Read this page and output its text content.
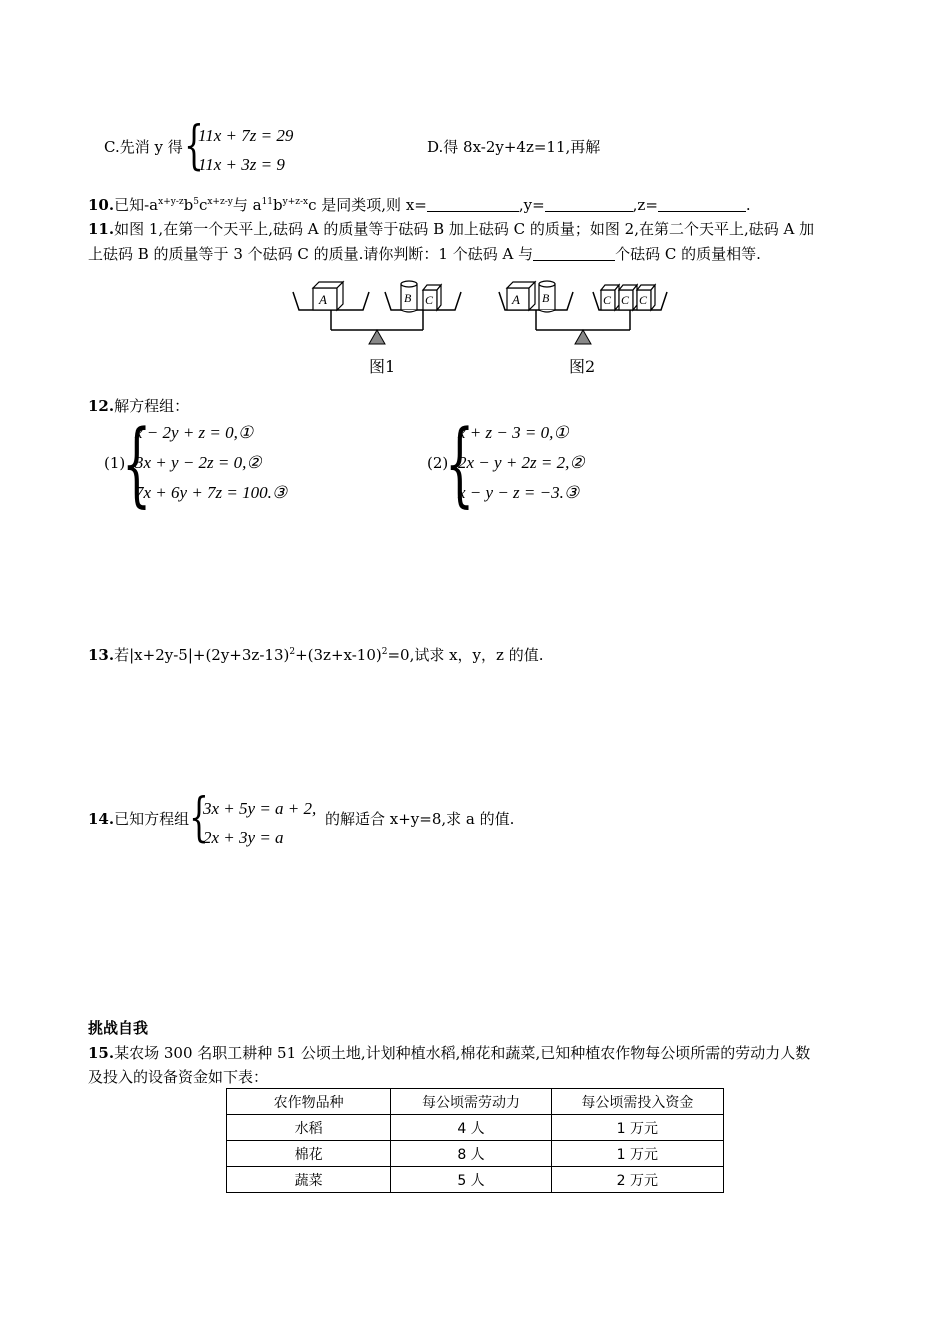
C.先消 y 得 {
11x + 7z = 29
11x + 3z = 9
D.得 8x-2y+4z=11,再解
10.已知$-a^{x+y-z}b^5c^{x+z-y}$与 $a^{11}b^{y+z-x}c$ 是同类项,则 x=	,y=	,z=	.
11.如图 1,在第一个天平上,砝码 A 的质量等于砝码 B 加上砝码 C 的质量；如图 2,在第二个天平上,砝码 A 加
上砝码 B 的质量等于 3 个砝码 C 的质量.请你判断：1 个砝码 A 与	个砝码 C 的质量相等.
A	B C
图1
A B	C C C
图2
12.解方程组：
(1)
{
x − 2y + z = 0,①
3x + y − 2z = 0,②
7x + 6y + 7z = 100.③
(2)
{
x + z − 3 = 0,①
2x − y + 2z = 2,②
x − y − z = −3.③
13.若$|x+2y-5|+(2y+3z-13)^2+(3z+x-10)^2=0$,试求 x，y，z 的值.
14.已知方程组 {
3x + 5y = a + 2,
2x + 3y = a
的解适合 x+y=8,求 a 的值.
挑战自我
15.某农场 300 名职工耕种 51 公顷土地,计划种植水稻,棉花和蔬菜,已知种植农作物每公顷所需的劳动力人数
及投入的设备资金如下表：
农作物品种	每公顷需劳动力	每公顷需投入资金
水稻	4 人	1 万元
棉花	8 人	1 万元
蔬菜	5 人	2 万元
